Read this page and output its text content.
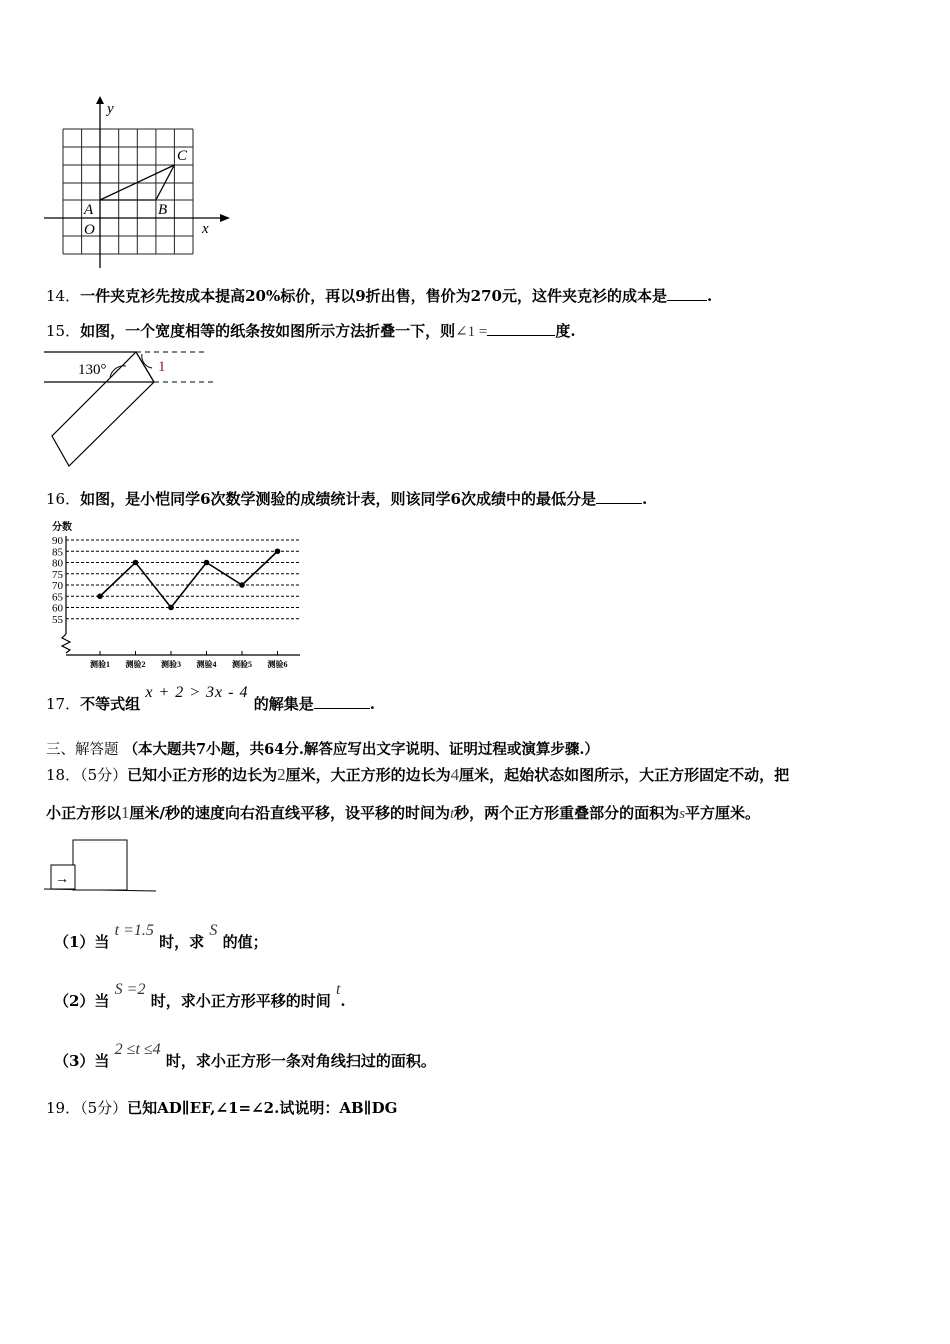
y
x
C
A	B
O
14．一件夹克衫先按成本提高20%标价，再以9折出售，售价为270元，这件夹克衫的成本是	.
15．如图，一个宽度相等的纸条按如图所示方法折叠一下，则∠1 =	度.
130°	1
16．如图，是小恺同学6次数学测验的成绩统计表，则该同学6次成绩中的最低分是	.
分数
55
60
65
70
75
80
85
90
测验1 测验2 测验3 测验4 测验5 测验6
17．不等式组 x + 2 > 3x - 4 的解集是	.
三、解答题 （本大题共7小题，共64分.解答应写出文字说明、证明过程或演算步骤.）
18．（5分）已知小正方形的边长为2厘米，大正方形的边长为4厘米，起始状态如图所示，大正方形固定不动，把
小正方形以1厘米/秒的速度向右沿直线平移，设平移的时间为t秒，两个正方形重叠部分的面积为s平方厘米。
→
（1）当 t =1.5 时，求 S 的值；
（2）当 S =2 时，求小正方形平移的时间 t.
（3）当 2 ≤t ≤4 时，求小正方形一条对角线扫过的面积。
19．（5分）已知AD∥EF,∠1=∠2.试说明：AB∥DG
